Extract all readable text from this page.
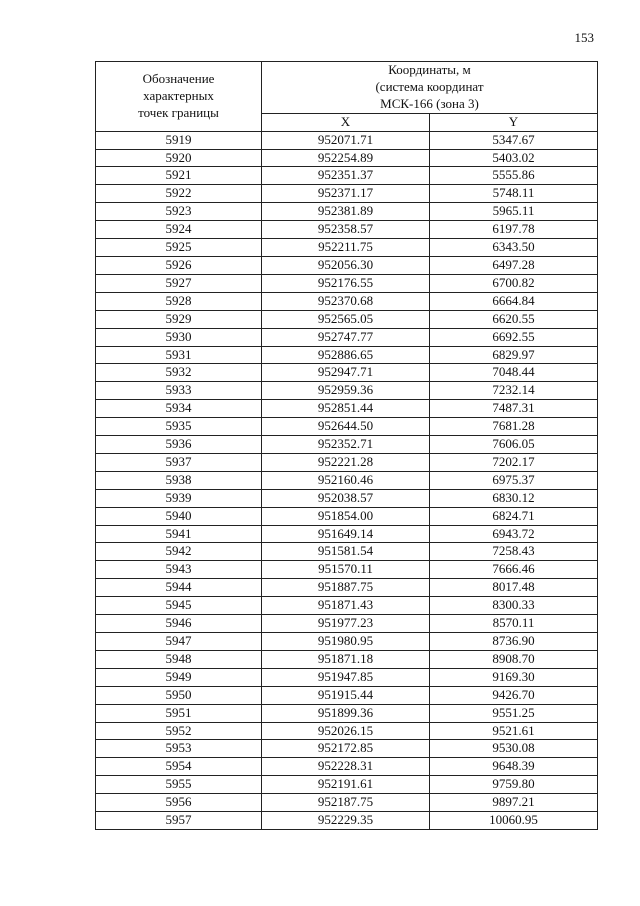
153
Обозначение
характерных
точек границы	Координаты, м
(система координат
МСК-166 (зона 3)	

	X	Y
5919	952071.71	5347.67
5920	952254.89	5403.02
5921	952351.37	5555.86
5922	952371.17	5748.11
5923	952381.89	5965.11
5924	952358.57	6197.78
5925	952211.75	6343.50
5926	952056.30	6497.28
5927	952176.55	6700.82
5928	952370.68	6664.84
5929	952565.05	6620.55
5930	952747.77	6692.55
5931	952886.65	6829.97
5932	952947.71	7048.44
5933	952959.36	7232.14
5934	952851.44	7487.31
5935	952644.50	7681.28
5936	952352.71	7606.05
5937	952221.28	7202.17
5938	952160.46	6975.37
5939	952038.57	6830.12
5940	951854.00	6824.71
5941	951649.14	6943.72
5942	951581.54	7258.43
5943	951570.11	7666.46
5944	951887.75	8017.48
5945	951871.43	8300.33
5946	951977.23	8570.11
5947	951980.95	8736.90
5948	951871.18	8908.70
5949	951947.85	9169.30
5950	951915.44	9426.70
5951	951899.36	9551.25
5952	952026.15	9521.61
5953	952172.85	9530.08
5954	952228.31	9648.39
5955	952191.61	9759.80
5956	952187.75	9897.21
5957	952229.35	10060.95
